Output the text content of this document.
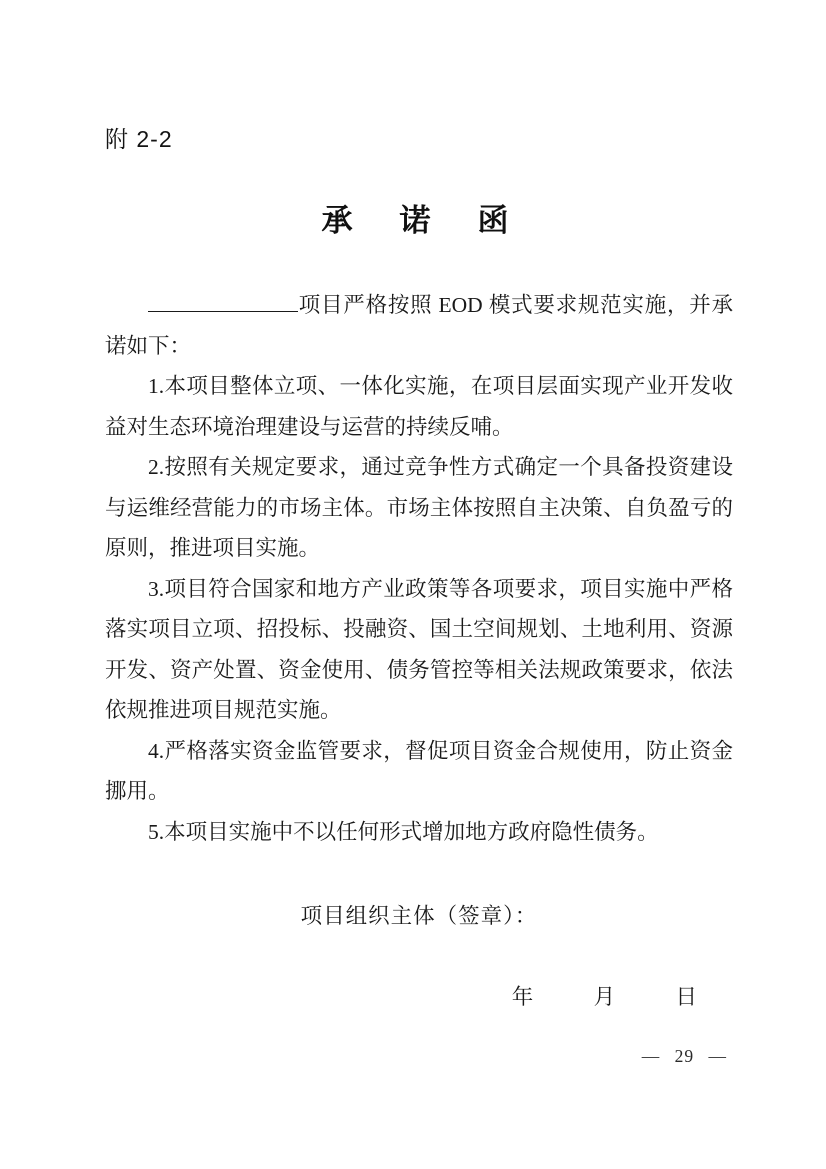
附 2-2
承　诺　函

项目严格按照 EOD 模式要求规范实施，并承诺如下：

1.本项目整体立项、一体化实施，在项目层面实现产业开发收益对生态环境治理建设与运营的持续反哺。

2.按照有关规定要求，通过竞争性方式确定一个具备投资建设与运维经营能力的市场主体。市场主体按照自主决策、自负盈亏的原则，推进项目实施。

3.项目符合国家和地方产业政策等各项要求，项目实施中严格落实项目立项、招投标、投融资、国土空间规划、土地利用、资源开发、资产处置、资金使用、债务管控等相关法规政策要求，依法依规推进项目规范实施。

4.严格落实资金监管要求，督促项目资金合规使用，防止资金挪用。

5.本项目实施中不以任何形式增加地方政府隐性债务。

项目组织主体（签章）：
年	月	日
— 29 —
